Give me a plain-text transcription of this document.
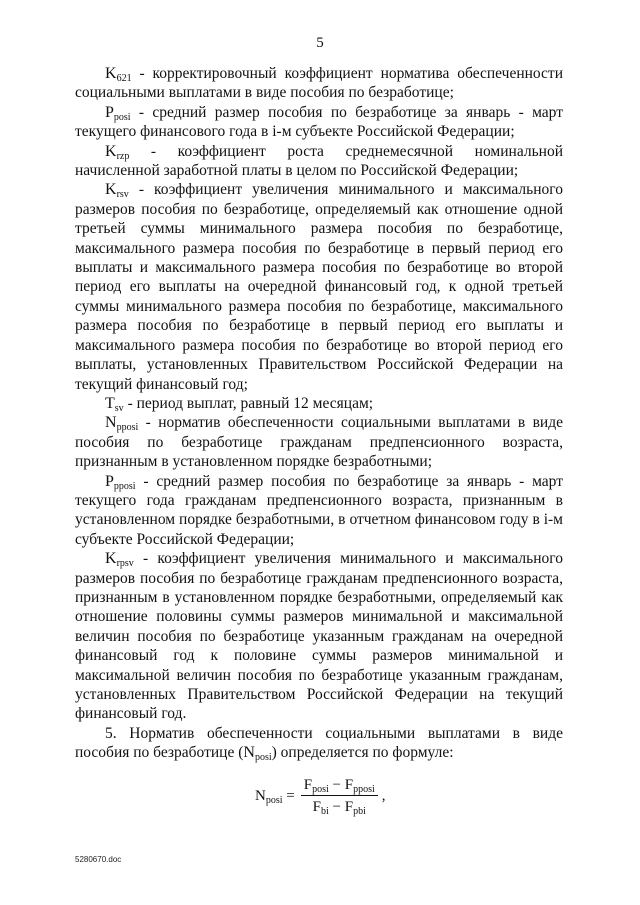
5

$K_{621}$ - корректировочный коэффициент норматива обеспеченности социальными выплатами в виде пособия по безработице;

$P_{posi}$ - средний размер пособия по безработице за январь - март текущего финансового года в i-м субъекте Российской Федерации;

$K_{rzp}$ - коэффициент роста среднемесячной номинальной начисленной заработной платы в целом по Российской Федерации;

$K_{rsv}$ - коэффициент увеличения минимального и максимального размеров пособия по безработице, определяемый как отношение одной третьей суммы минимального размера пособия по безработице, максимального размера пособия по безработице в первый период его выплаты и максимального размера пособия по безработице во второй период его выплаты на очередной финансовый год, к одной третьей суммы минимального размера пособия по безработице, максимального размера пособия по безработице в первый период его выплаты и максимального размера пособия по безработице во второй период его выплаты, установленных Правительством Российской Федерации на текущий финансовый год;

$T_{sv}$ - период выплат, равный 12 месяцам;

$N_{pposi}$ - норматив обеспеченности социальными выплатами в виде пособия по безработице гражданам предпенсионного возраста, признанным в установленном порядке безработными;

$P_{pposi}$ - средний размер пособия по безработице за январь - март текущего года гражданам предпенсионного возраста, признанным в установленном порядке безработными, в отчетном финансовом году в i-м субъекте Российской Федерации;

$K_{rpsv}$ - коэффициент увеличения минимального и максимального размеров пособия по безработице гражданам предпенсионного возраста, признанным в установленном порядке безработными, определяемый как отношение половины суммы размеров минимальной и максимальной величин пособия по безработице указанным гражданам на очередной финансовый год к половине суммы размеров минимальной и максимальной величин пособия по безработице указанным гражданам, установленных Правительством Российской Федерации на текущий финансовый год.

5. Норматив обеспеченности социальными выплатами в виде пособия по безработице $(N_{posi})$ определяется по формуле:

$N_{posi} = \frac{F_{posi} - F_{pposi}}{F_{bi} - F_{pbi}}$ ,
5280670.doc
